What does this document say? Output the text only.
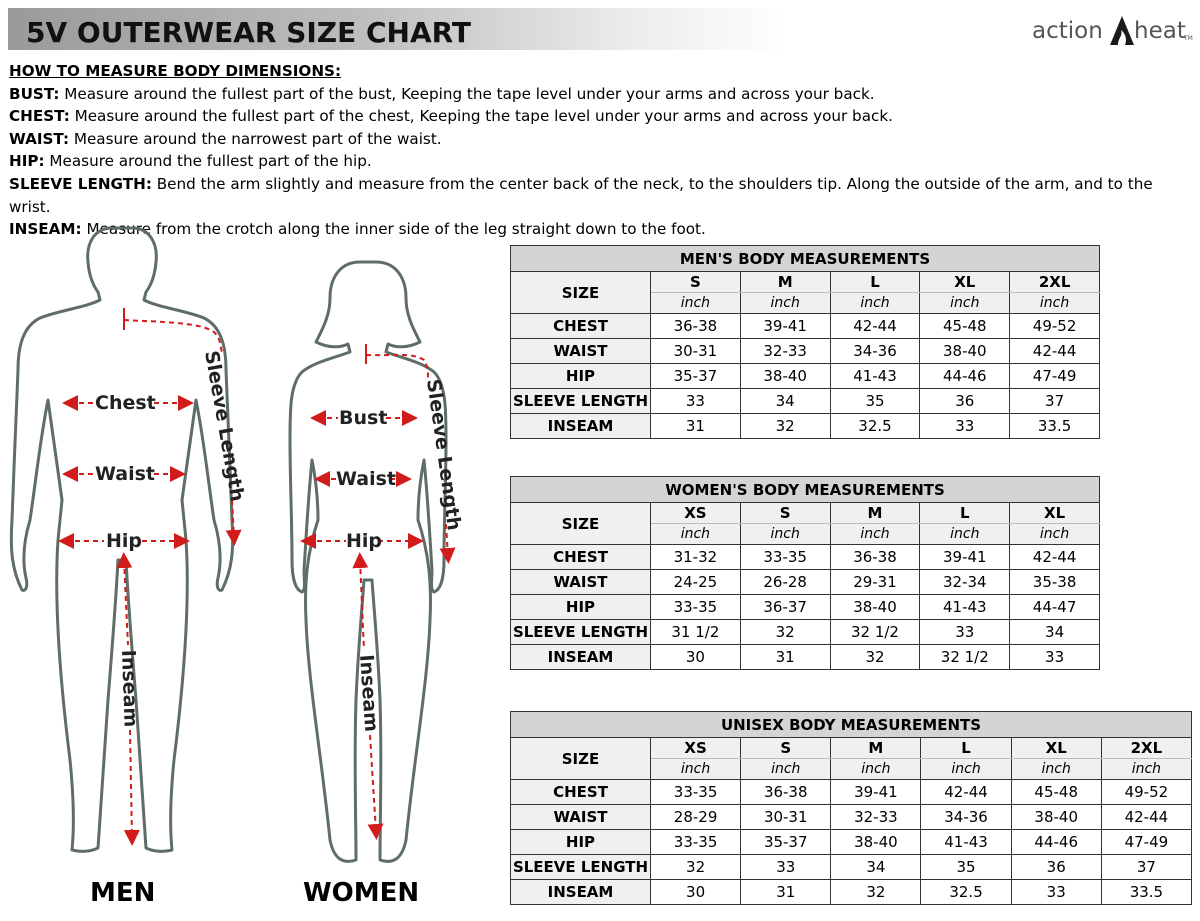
5V OUTERWEAR SIZE CHART	action heat
TM
HOW TO MEASURE BODY DIMENSIONS:
BUST: Measure around the fullest part of the bust, Keeping the tape level under your arms and across your back.
CHEST: Measure around the fullest part of the chest, Keeping the tape level under your arms and across your back.
WAIST: Measure around the narrowest part of the waist.
HIP: Measure around the fullest part of the hip.
SLEEVE LENGTH: Bend the arm slightly and measure from the center back of the neck, to the shoulders tip. Along the outside of the arm, and to the wrist.
INSEAM: Measure from the crotch along the inner side of the leg straight down to the foot.
Chest
Waist
Hip
Sleeve Length
Inseam
Bust
Waist
Hip
Sleeve Length
Inseam
MEN	WOMEN
MEN'S BODY MEASUREMENTS					
SIZE	S	M	L	XL	2XL
	inch	inch	inch	inch	inch
CHEST	36-38	39-41	42-44	45-48	49-52
WAIST	30-31	32-33	34-36	38-40	42-44
HIP	35-37	38-40	41-43	44-46	47-49
SLEEVE LENGTH	33	34	35	36	37
INSEAM	31	32	32.5	33	33.5
WOMEN'S BODY MEASUREMENTS					
SIZE	XS	S	M	L	XL
	inch	inch	inch	inch	inch
CHEST	31-32	33-35	36-38	39-41	42-44
WAIST	24-25	26-28	29-31	32-34	35-38
HIP	33-35	36-37	38-40	41-43	44-47
SLEEVE LENGTH	31 1/2	32	32 1/2	33	34
INSEAM	30	31	32	32 1/2	33
UNISEX BODY MEASUREMENTS						
SIZE	XS	S	M	L	XL	2XL
	inch	inch	inch	inch	inch	inch
CHEST	33-35	36-38	39-41	42-44	45-48	49-52
WAIST	28-29	30-31	32-33	34-36	38-40	42-44
HIP	33-35	35-37	38-40	41-43	44-46	47-49
SLEEVE LENGTH	32	33	34	35	36	37
INSEAM	30	31	32	32.5	33	33.5
